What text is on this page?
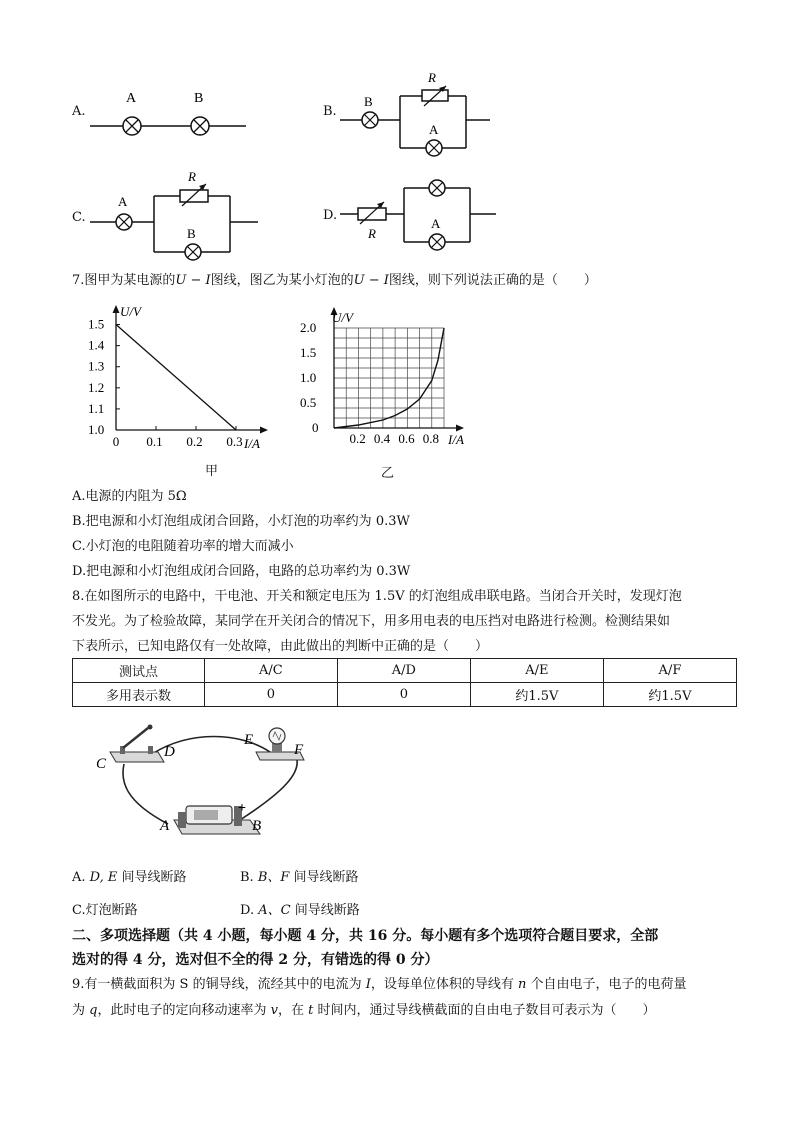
A.
A	B
B.
B
R
A
C.
A
R
B
D.
R
A
7.图甲为某电源的U − I图线，图乙为某小灯泡的U − I图线，则下列说法正确的是（　　）
U/V
I/A
1.0
1.1
1.2
1.3
1.4
1.5
0 0.1 0.2 0.3
甲
U/V
I/A
0
0.5
1.0
1.5
2.0
0.2 0.4 0.6 0.8
乙
A.电源的内阻为 5Ω
B.把电源和小灯泡组成闭合回路，小灯泡的功率约为 0.3W
C.小灯泡的电阻随着功率的增大而减小
D.把电源和小灯泡组成闭合回路，电路的总功率约为 0.3W
8.在如图所示的电路中，干电池、开关和额定电压为 1.5V 的灯泡组成串联电路。当闭合开关时，发现灯泡
不发光。为了检验故障，某同学在开关闭合的情况下，用多用电表的电压挡对电路进行检测。检测结果如
下表所示，已知电路仅有一处故障，由此做出的判断中正确的是（　　）
测试点	A/C	A/D	A/E	A/F
多用表示数	0	0	约1.5V	约1.5V
C
D
E
F
A	B
+
A. D, E 间导线断路	B. B、F 间导线断路
C.灯泡断路	D. A、C 间导线断路
二、多项选择题（共 4 小题，每小题 4 分，共 16 分。每小题有多个选项符合题目要求，全部
选对的得 4 分，选对但不全的得 2 分，有错选的得 0 分）
9.有一横截面积为 S 的铜导线，流经其中的电流为 I，设每单位体积的导线有 n 个自由电子，电子的电荷量
为 q，此时电子的定向移动速率为 v，在 t 时间内，通过导线横截面的自由电子数目可表示为（　　）
